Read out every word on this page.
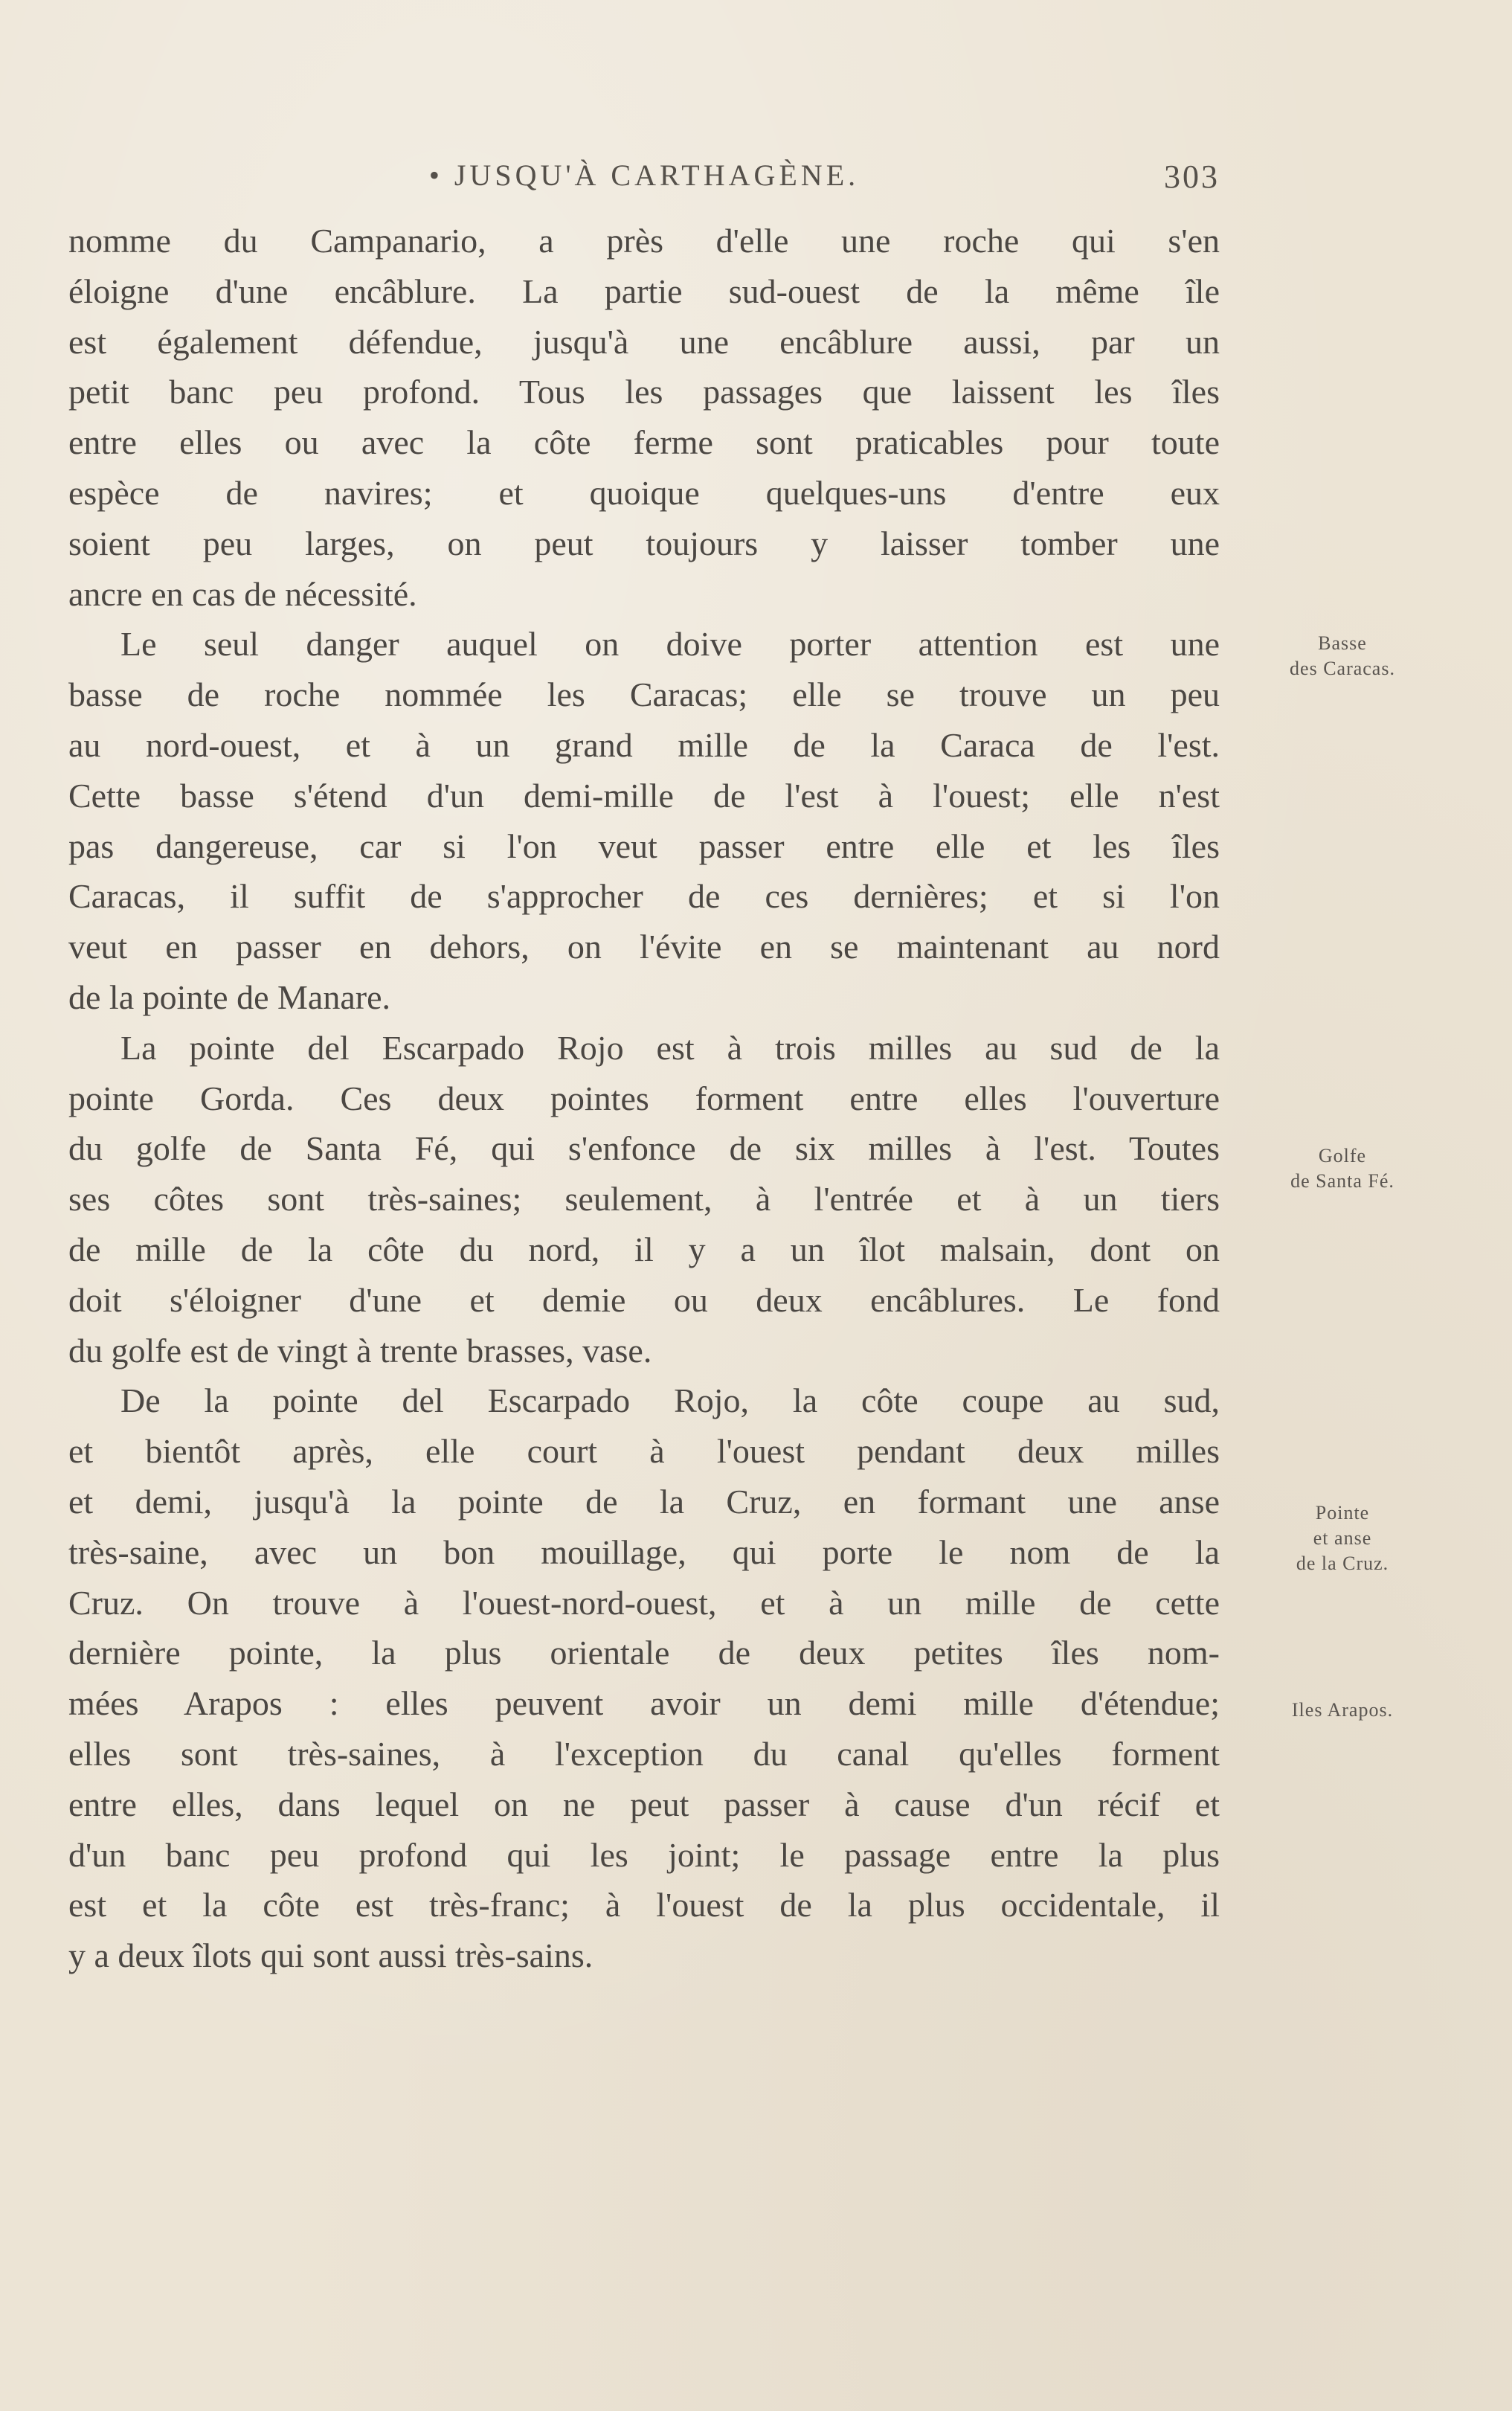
• JUSQU'À CARTHAGÈNE.	303
nomme du Campanario, a près d'elle une roche qui s'en
éloigne d'une encâblure. La partie sud-ouest de la même île
est également défendue, jusqu'à une encâblure aussi, par un
petit banc peu profond. Tous les passages que laissent les îles
entre elles ou avec la côte ferme sont praticables pour toute
espèce de navires; et quoique quelques-uns d'entre eux
soient peu larges, on peut toujours y laisser tomber une
ancre en cas de nécessité.
Le seul danger auquel on doive porter attention est une
basse de roche nommée les Caracas; elle se trouve un peu
au nord-ouest, et à un grand mille de la Caraca de l'est.
Cette basse s'étend d'un demi-mille de l'est à l'ouest; elle n'est
pas dangereuse, car si l'on veut passer entre elle et les îles
Caracas, il suffit de s'approcher de ces dernières; et si l'on
veut en passer en dehors, on l'évite en se maintenant au nord
de la pointe de Manare.
La pointe del Escarpado Rojo est à trois milles au sud de la
pointe Gorda. Ces deux pointes forment entre elles l'ouverture
du golfe de Santa Fé, qui s'enfonce de six milles à l'est. Toutes
ses côtes sont très-saines; seulement, à l'entrée et à un tiers
de mille de la côte du nord, il y a un îlot malsain, dont on
doit s'éloigner d'une et demie ou deux encâblures. Le fond
du golfe est de vingt à trente brasses, vase.
De la pointe del Escarpado Rojo, la côte coupe au sud,
et bientôt après, elle court à l'ouest pendant deux milles
et demi, jusqu'à la pointe de la Cruz, en formant une anse
très-saine, avec un bon mouillage, qui porte le nom de la
Cruz. On trouve à l'ouest-nord-ouest, et à un mille de cette
dernière pointe, la plus orientale de deux petites îles nom-
mées Arapos : elles peuvent avoir un demi mille d'étendue;
elles sont très-saines, à l'exception du canal qu'elles forment
entre elles, dans lequel on ne peut passer à cause d'un récif et
d'un banc peu profond qui les joint; le passage entre la plus
est et la côte est très-franc; à l'ouest de la plus occidentale, il
y a deux îlots qui sont aussi très-sains.
Basse
des Caracas.
Golfe
de Santa Fé.
Pointe
et anse
de la Cruz.
Iles Arapos.
